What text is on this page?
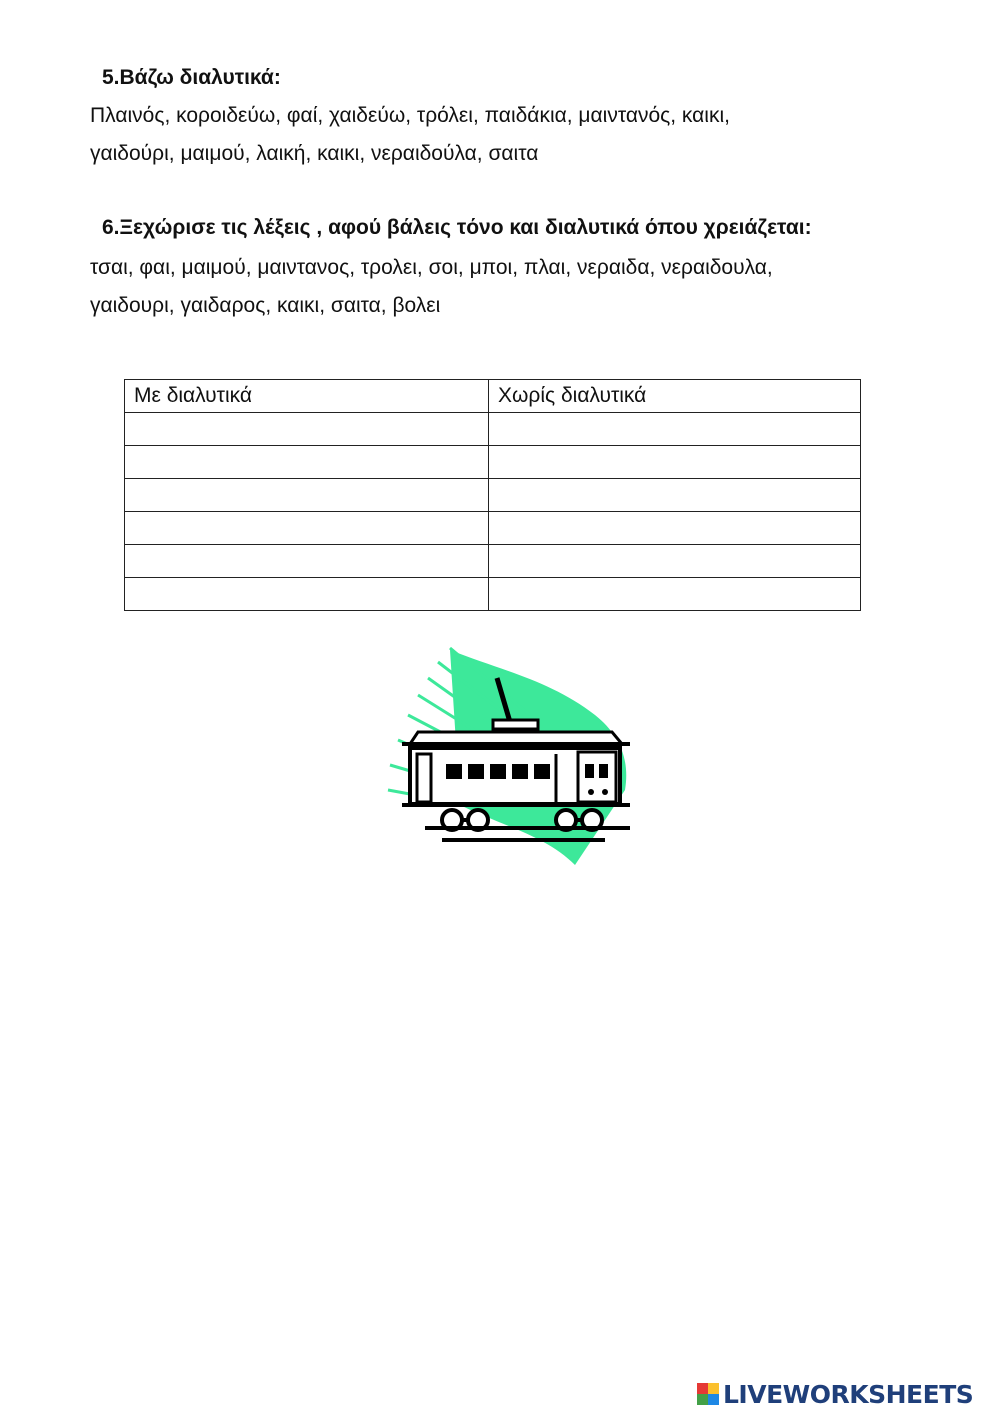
5.Βάζω διαλυτικά:

Πλαινός, κοροιδεύω, φαί, χαιδεύω, τρόλει, παιδάκια, μαιντανός, καικι,
γαιδούρι, μαιμού, λαική, καικι, νεραιδούλα, σαιτα

6.Ξεχώρισε τις λέξεις , αφού βάλεις τόνο και διαλυτικά όπου χρειάζεται:

τσαι, φαι, μαιμού, μαιντανος, τρολει, σοι, μποι, πλαι, νεραιδα, νεραιδουλα,
γαιδουρι, γαιδαρος, καικι, σαιτα, βολει

Με διαλυτικά	Χωρίς διαλυτικά

LIVEWORKSHEETS
